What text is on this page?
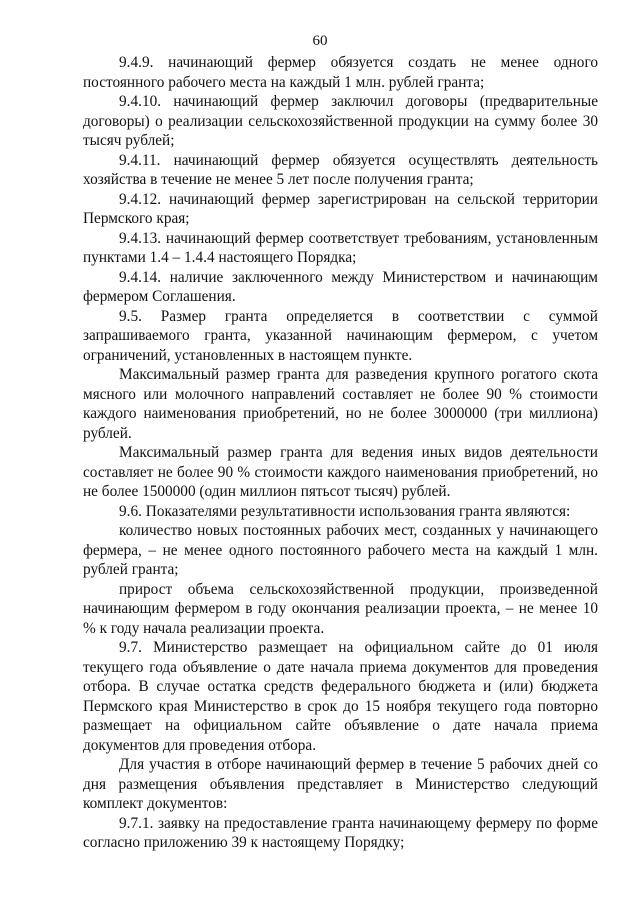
60

9.4.9. начинающий фермер обязуется создать не менее одного постоянного рабочего места на каждый 1 млн. рублей гранта;

9.4.10. начинающий фермер заключил договоры (предварительные договоры) о реализации сельскохозяйственной продукции на сумму более 30 тысяч рублей;

9.4.11. начинающий фермер обязуется осуществлять деятельность хозяйства в течение не менее 5 лет после получения гранта;

9.4.12. начинающий фермер зарегистрирован на сельской территории Пермского края;

9.4.13. начинающий фермер соответствует требованиям, установленным пунктами 1.4 – 1.4.4 настоящего Порядка;

9.4.14. наличие заключенного между Министерством и начинающим фермером Соглашения.

9.5. Размер гранта определяется в соответствии с суммой запрашиваемого гранта, указанной начинающим фермером, с учетом ограничений, установленных в настоящем пункте.

Максимальный размер гранта для разведения крупного рогатого скота мясного или молочного направлений составляет не более 90 % стоимости каждого наименования приобретений, но не более 3000000 (три миллиона) рублей.

Максимальный размер гранта для ведения иных видов деятельности составляет не более 90 % стоимости каждого наименования приобретений, но не более 1500000 (один миллион пятьсот тысяч) рублей.

9.6. Показателями результативности использования гранта являются:

количество новых постоянных рабочих мест, созданных у начинающего фермера, – не менее одного постоянного рабочего места на каждый 1 млн. рублей гранта;

прирост объема сельскохозяйственной продукции, произведенной начинающим фермером в году окончания реализации проекта, – не менее 10 % к году начала реализации проекта.

9.7. Министерство размещает на официальном сайте до 01 июля текущего года объявление о дате начала приема документов для проведения отбора. В случае остатка средств федерального бюджета и (или) бюджета Пермского края Министерство в срок до 15 ноября текущего года повторно размещает на официальном сайте объявление о дате начала приема документов для проведения отбора.

Для участия в отборе начинающий фермер в течение 5 рабочих дней со дня размещения объявления представляет в Министерство следующий комплект документов:

9.7.1. заявку на предоставление гранта начинающему фермеру по форме согласно приложению 39 к настоящему Порядку;
